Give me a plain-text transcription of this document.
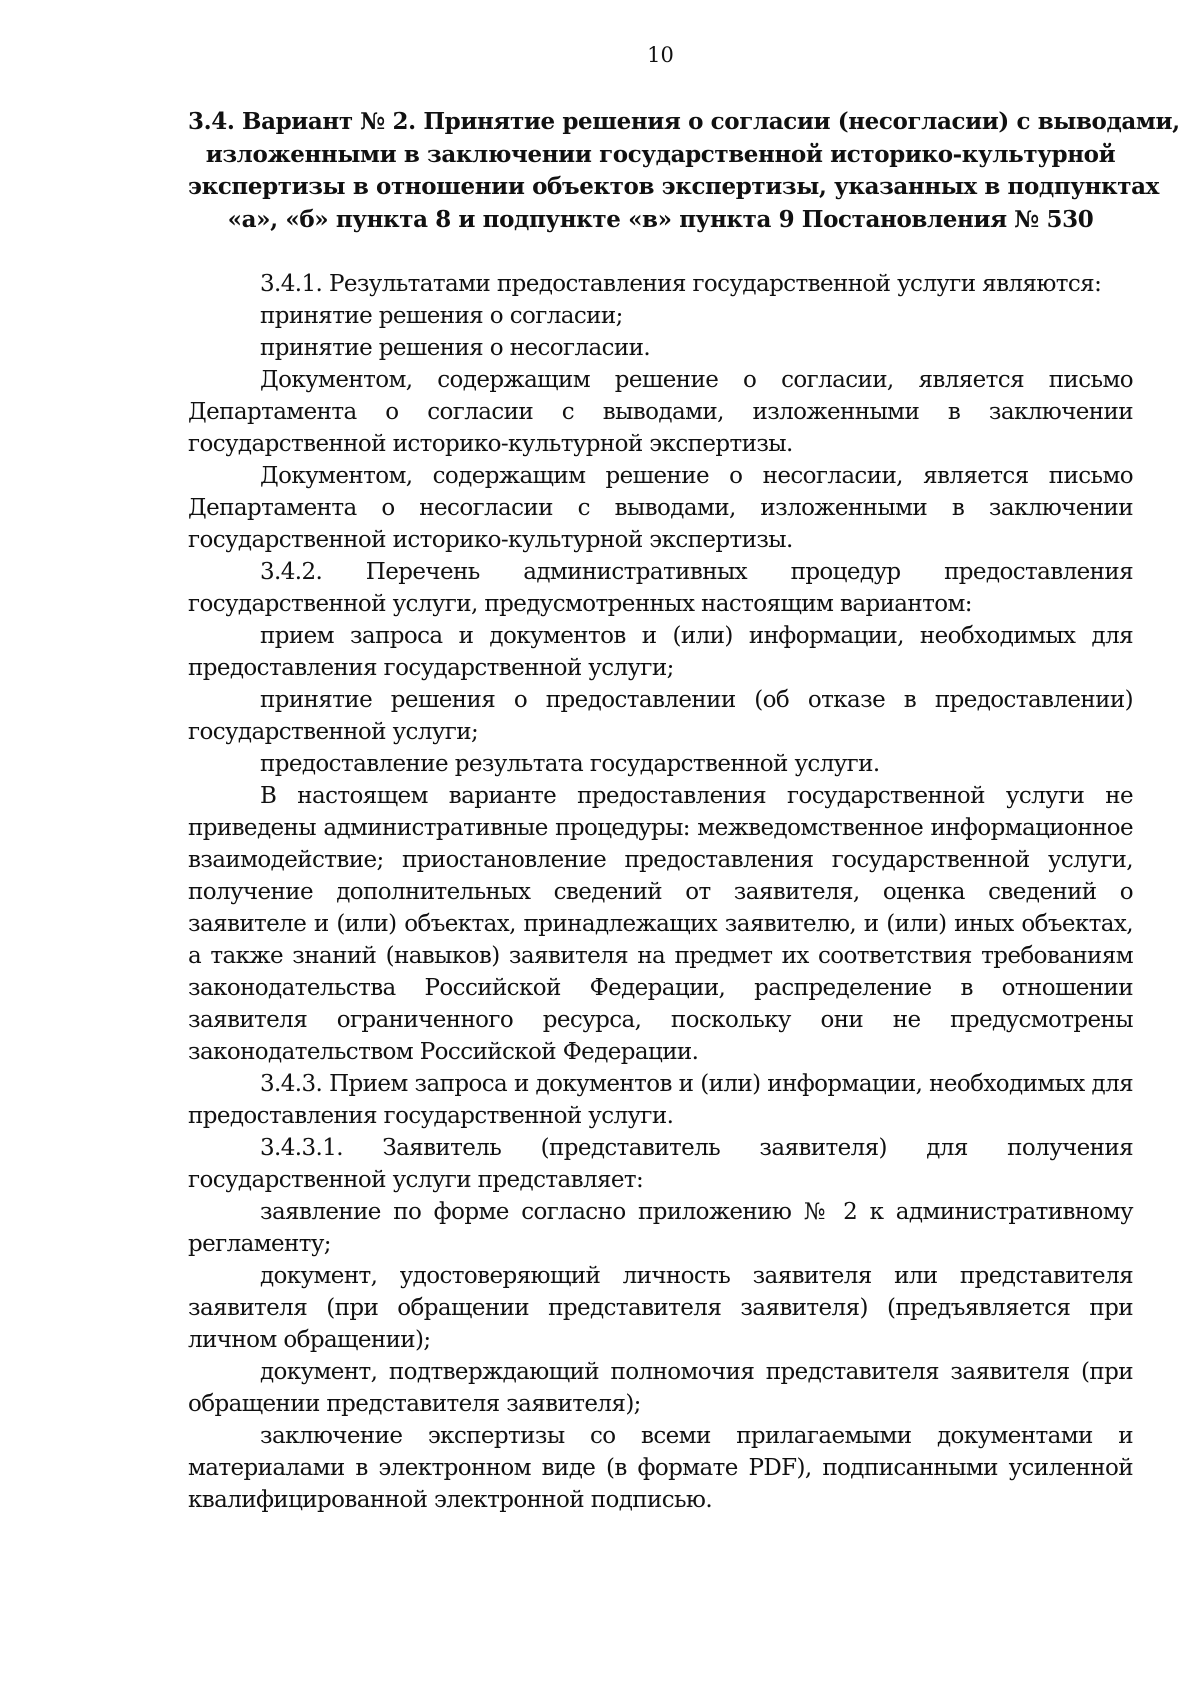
10
3.4. Вариант № 2. Принятие решения о согласии (несогласии) с выводами,
изложенными в заключении государственной историко-культурной
экспертизы в отношении объектов экспертизы, указанных в подпунктах
«а», «б» пункта 8 и подпункте «в» пункта 9 Постановления № 530

3.4.1. Результатами предоставления государственной услуги являются:

принятие решения о согласии;

принятие решения о несогласии.

Документом, содержащим решение о согласии, является письмо Департамента о согласии с выводами, изложенными в заключении государственной историко-культурной экспертизы.

Документом, содержащим решение о несогласии, является письмо Департамента о несогласии с выводами, изложенными в заключении государственной историко-культурной экспертизы.

3.4.2. Перечень административных процедур предоставления государственной услуги, предусмотренных настоящим вариантом:

прием запроса и документов и (или) информации, необходимых для предоставления государственной услуги;

принятие решения о предоставлении (об отказе в предоставлении) государственной услуги;

предоставление результата государственной услуги.

В настоящем варианте предоставления государственной услуги не приведены административные процедуры: межведомственное информационное взаимодействие; приостановление предоставления государственной услуги, получение дополнительных сведений от заявителя, оценка сведений о заявителе и (или) объектах, принадлежащих заявителю, и (или) иных объектах, а также знаний (навыков) заявителя на предмет их соответствия требованиям законодательства Российской Федерации, распределение в отношении заявителя ограниченного ресурса, поскольку они не предусмотрены законодательством Российской Федерации.

3.4.3. Прием запроса и документов и (или) информации, необходимых для предоставления государственной услуги.

3.4.3.1. Заявитель (представитель заявителя) для получения государственной услуги представляет:

заявление по форме согласно приложению № 2 к административному регламенту;

документ, удостоверяющий личность заявителя или представителя заявителя (при обращении представителя заявителя) (предъявляется при личном обращении);

документ, подтверждающий полномочия представителя заявителя (при обращении представителя заявителя);

заключение экспертизы со всеми прилагаемыми документами и материалами в электронном виде (в формате PDF), подписанными усиленной квалифицированной электронной подписью.
